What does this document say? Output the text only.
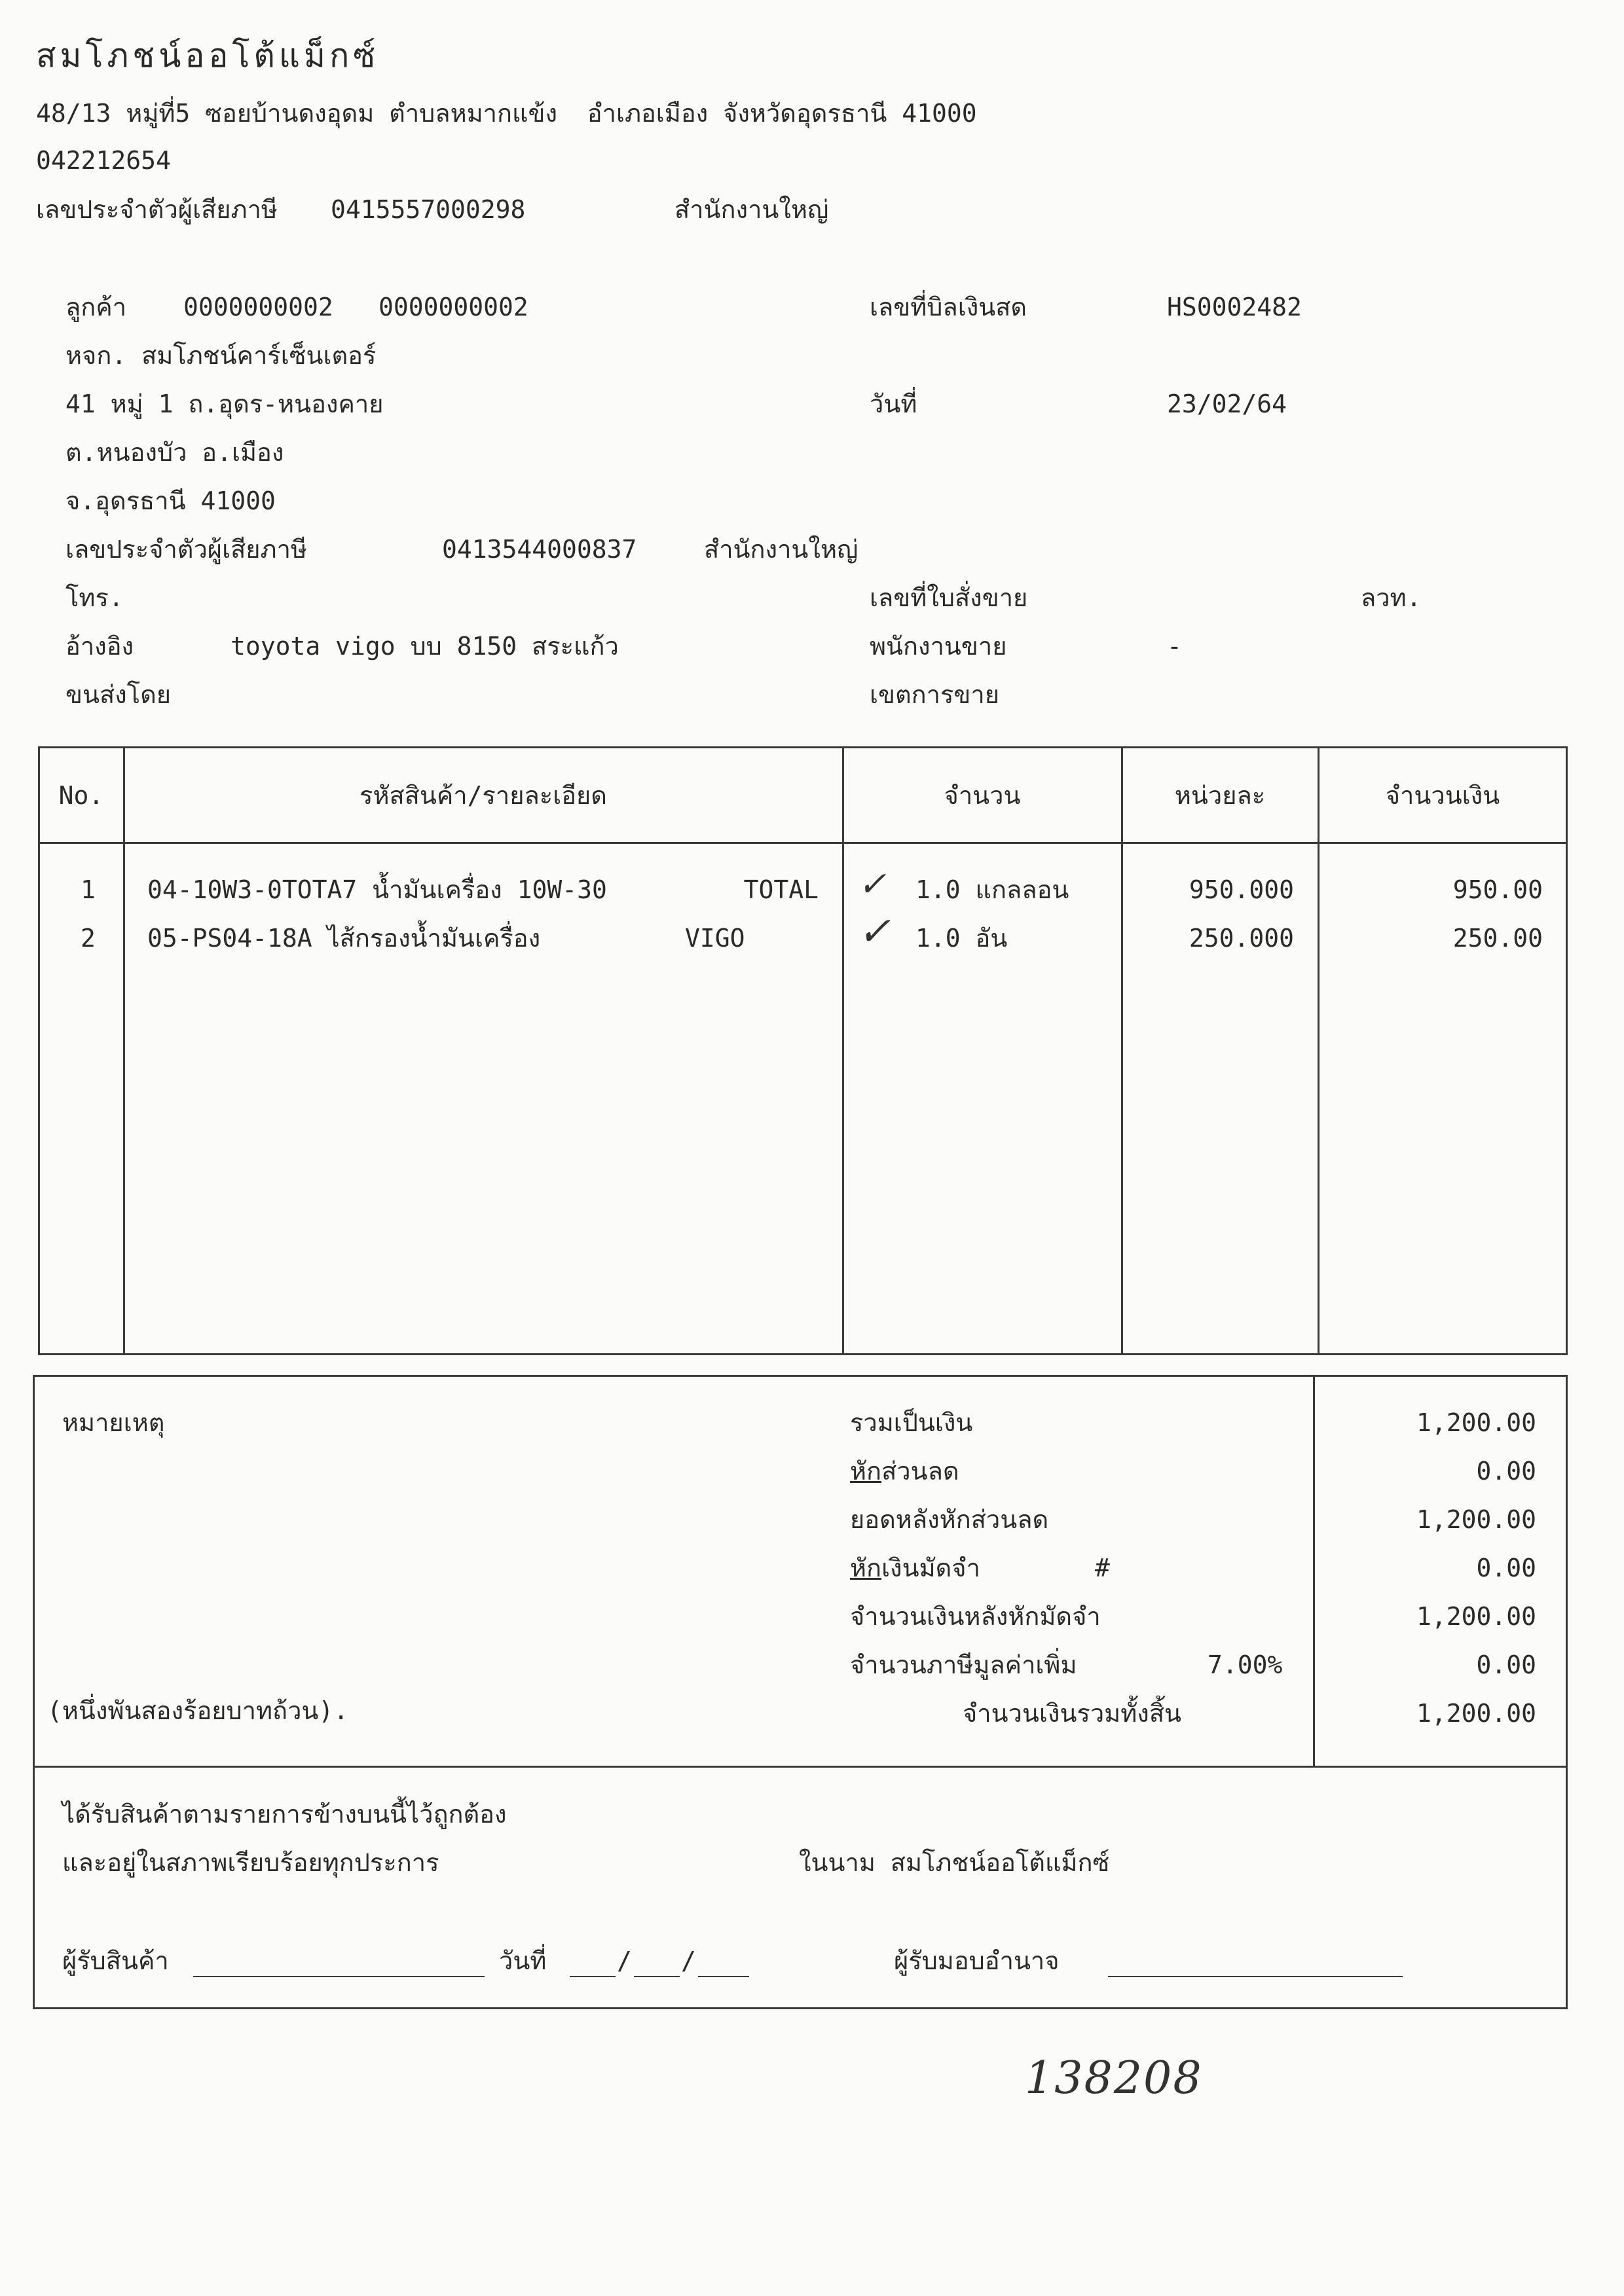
สมโภชน์ออโต้แม็กซ์
48/13 หมู่ที่5 ซอยบ้านดงอุดม ตำบลหมากแข้ง  อำเภอเมือง จังหวัดอุดรธานี 41000
042212654
เลขประจำตัวผู้เสียภาษี 0415557000298	สำนักงานใหญ่
ลูกค้า 0000000002 0000000002
หจก. สมโภชน์คาร์เซ็นเตอร์
41 หมู่ 1 ถ.อุดร-หนองคาย
ต.หนองบัว อ.เมือง
จ.อุดรธานี 41000
เลขประจำตัวผู้เสียภาษี	0413544000837	สำนักงานใหญ่
โทร.
อ้างอิง	toyota vigo บบ 8150 สระแก้ว
ขนส่งโดย
เลขที่บิลเงินสด	HS0002482
วันที่	23/02/64
เลขที่ใบสั่งขาย	ลวท.
พนักงานขาย	-
เขตการขาย
No.	รหัสสินค้า/รายละเอียด	จำนวน	หน่วยละ	จำนวนเงิน
1 04-10W3-0TOTA7 น้ำมันเครื่อง 10W-30	TOTAL	1.0 แกลลอน	950.000	950.00
2 05-PS04-18A ไส้กรองน้ำมันเครื่อง	VIGO	1.0 อัน	250.000	250.00
✓
✓
หมายเหตุ
(หนึ่งพันสองร้อยบาทถ้วน).
รวมเป็นเงิน	1,200.00
หักส่วนลด	0.00
ยอดหลังหักส่วนลด	1,200.00
หักเงินมัดจำ	#	0.00
จำนวนเงินหลังหักมัดจำ	1,200.00
จำนวนภาษีมูลค่าเพิ่ม	7.00%	0.00
จำนวนเงินรวมทั้งสิ้น	1,200.00
ได้รับสินค้าตามรายการข้างบนนี้ไว้ถูกต้อง
และอยู่ในสภาพเรียบร้อยทุกประการ	ในนาม สมโภชน์ออโต้แม็กซ์
ผู้รับสินค้า	วันที่	/ /	ผู้รับมอบอำนาจ
138208
